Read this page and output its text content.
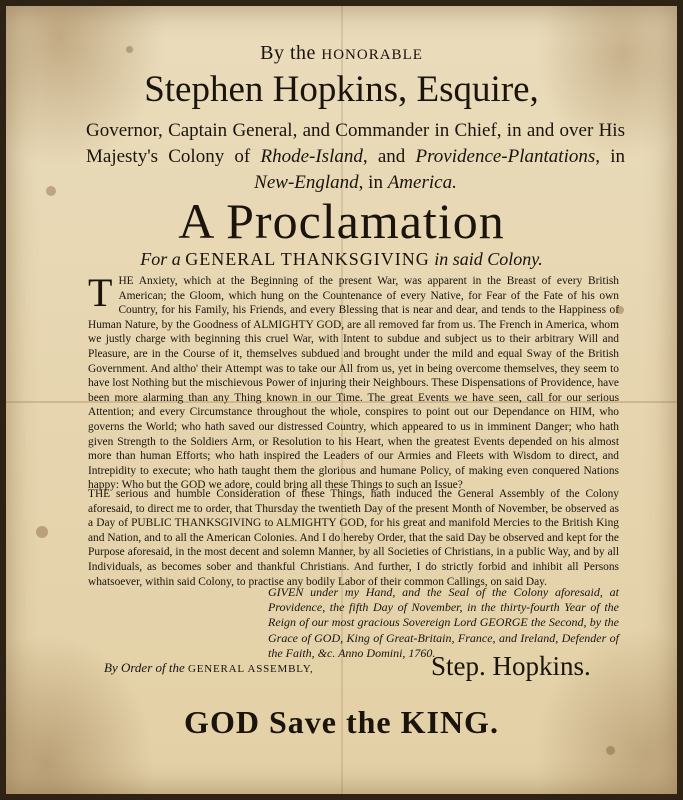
By the HONORABLE
Stephen Hopkins, Esquire,
Governor, Captain General, and Commander in Chief, in and over His Majesty's Colony of Rhode-Island, and Providence-Plantations, in New-England, in America.
A Proclamation
For a GENERAL THANKSGIVING in said Colony.
THE Anxiety, which at the Beginning of the present War, was apparent in the Breast of every British American; the Gloom, which hung on the Countenance of every Native, for Fear of the Fate of his own Country, for his Family, his Friends, and every Blessing that is near and dear, and tends to the Happiness of Human Nature, by the Goodness of ALMIGHTY GOD, are all removed far from us. The French in America, whom we justly charge with beginning this cruel War, with Intent to subdue and subject us to their arbitrary Will and Pleasure, are in the Course of it, themselves subdued and brought under the mild and equal Sway of the British Government. And altho' their Attempt was to take our All from us, yet in being overcome themselves, they seem to have lost Nothing but the mischievous Power of injuring their Neighbours. These Dispensations of Providence, have been more alarming than any Thing known in our Time. The great Events we have seen, call for our serious Attention; and every Circumstance throughout the whole, conspires to point out our Dependance on HIM, who governs the World; who hath saved our distressed Country, which appeared to us in imminent Danger; who hath given Strength to the Soldiers Arm, or Resolution to his Heart, when the greatest Events depended on his almost more than human Efforts; who hath inspired the Leaders of our Armies and Fleets with Wisdom to direct, and Intrepidity to execute; who hath taught them the glorious and humane Policy, of making even conquered Nations happy: Who but the GOD we adore, could bring all these Things to such an Issue?
THE serious and humble Consideration of these Things, hath induced the General Assembly of the Colony aforesaid, to direct me to order, that Thursday the twentieth Day of the present Month of November, be observed as a Day of PUBLIC THANKSGIVING to ALMIGHTY GOD, for his great and manifold Mercies to the British King and Nation, and to all the American Colonies. And I do hereby Order, that the said Day be observed and kept for the Purpose aforesaid, in the most decent and solemn Manner, by all Societies of Christians, in a public Way, and by all Individuals, as becomes sober and thankful Christians. And further, I do strictly forbid and inhibit all Persons whatsoever, within said Colony, to practise any bodily Labor of their common Callings, on said Day.
GIVEN under my Hand, and the Seal of the Colony aforesaid, at Providence, the fifth Day of November, in the thirty-fourth Year of the Reign of our most gracious Sovereign Lord GEORGE the Second, by the Grace of GOD, King of Great-Britain, France, and Ireland, Defender of the Faith, &c. Anno Domini, 1760.
By Order of the GENERAL ASSEMBLY,	Step. Hopkins.
GOD Save the KING.
